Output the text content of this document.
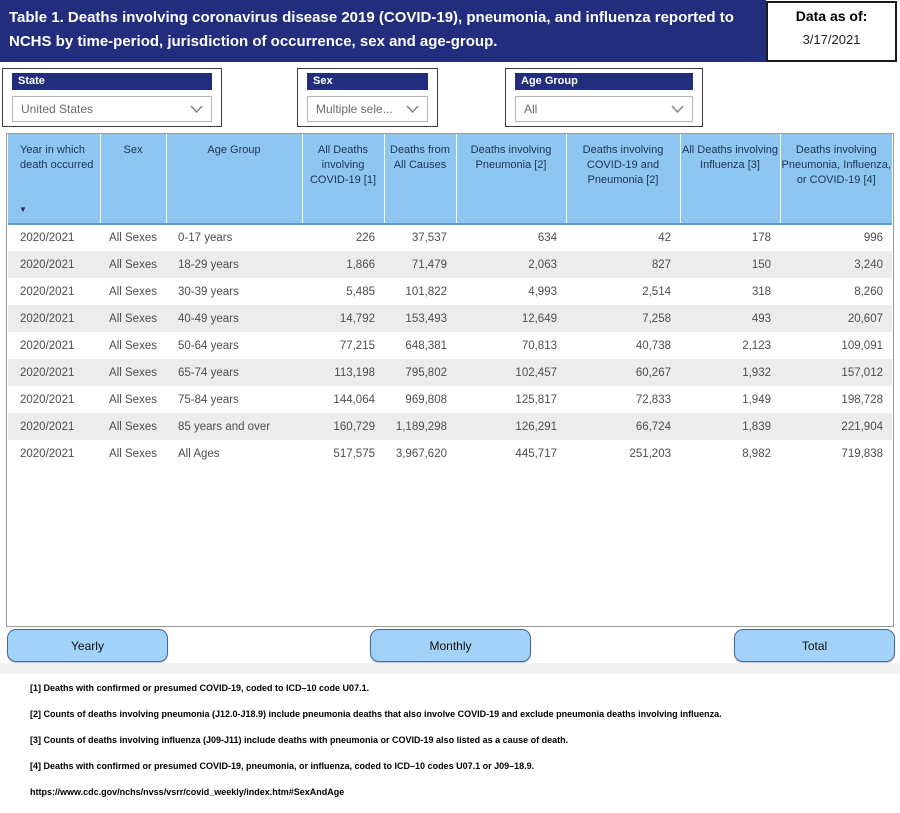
Table 1. Deaths involving coronavirus disease 2019 (COVID-19), pneumonia, and influenza reported to NCHS by time-period, jurisdiction of occurrence, sex and age-group.
Data as of:
3/17/2021
State
United States
Sex
Multiple sele...
Age Group
All
Year in which death occurred
▼	Sex	Age Group	All Deaths involving COVID-19 [1]	Deaths from All Causes	Deaths involving Pneumonia [2]	Deaths involving COVID-19 and Pneumonia [2]	All Deaths involving Influenza [3]	Deaths involving Pneumonia, Influenza, or COVID-19 [4]
2020/2021	All Sexes	0-17 years	226	37,537	634	42	178	996
2020/2021	All Sexes	18-29 years	1,866	71,479	2,063	827	150	3,240
2020/2021	All Sexes	30-39 years	5,485	101,822	4,993	2,514	318	8,260
2020/2021	All Sexes	40-49 years	14,792	153,493	12,649	7,258	493	20,607
2020/2021	All Sexes	50-64 years	77,215	648,381	70,813	40,738	2,123	109,091
2020/2021	All Sexes	65-74 years	113,198	795,802	102,457	60,267	1,932	157,012
2020/2021	All Sexes	75-84 years	144,064	969,808	125,817	72,833	1,949	198,728
2020/2021	All Sexes	85 years and over	160,729	1,189,298	126,291	66,724	1,839	221,904
2020/2021	All Sexes	All Ages	517,575	3,967,620	445,717	251,203	8,982	719,838
Yearly	Monthly	Total

[1] Deaths with confirmed or presumed COVID-19, coded to ICD–10 code U07.1.

[2] Counts of deaths involving pneumonia (J12.0-J18.9) include pneumonia deaths that also involve COVID-19 and exclude pneumonia deaths involving influenza.

[3] Counts of deaths involving influenza (J09-J11) include deaths with pneumonia or COVID-19 also listed as a cause of death.

[4] Deaths with confirmed or presumed COVID-19, pneumonia, or influenza, coded to ICD–10 codes U07.1 or J09–18.9.

https://www.cdc.gov/nchs/nvss/vsrr/covid_weekly/index.htm#SexAndAge
